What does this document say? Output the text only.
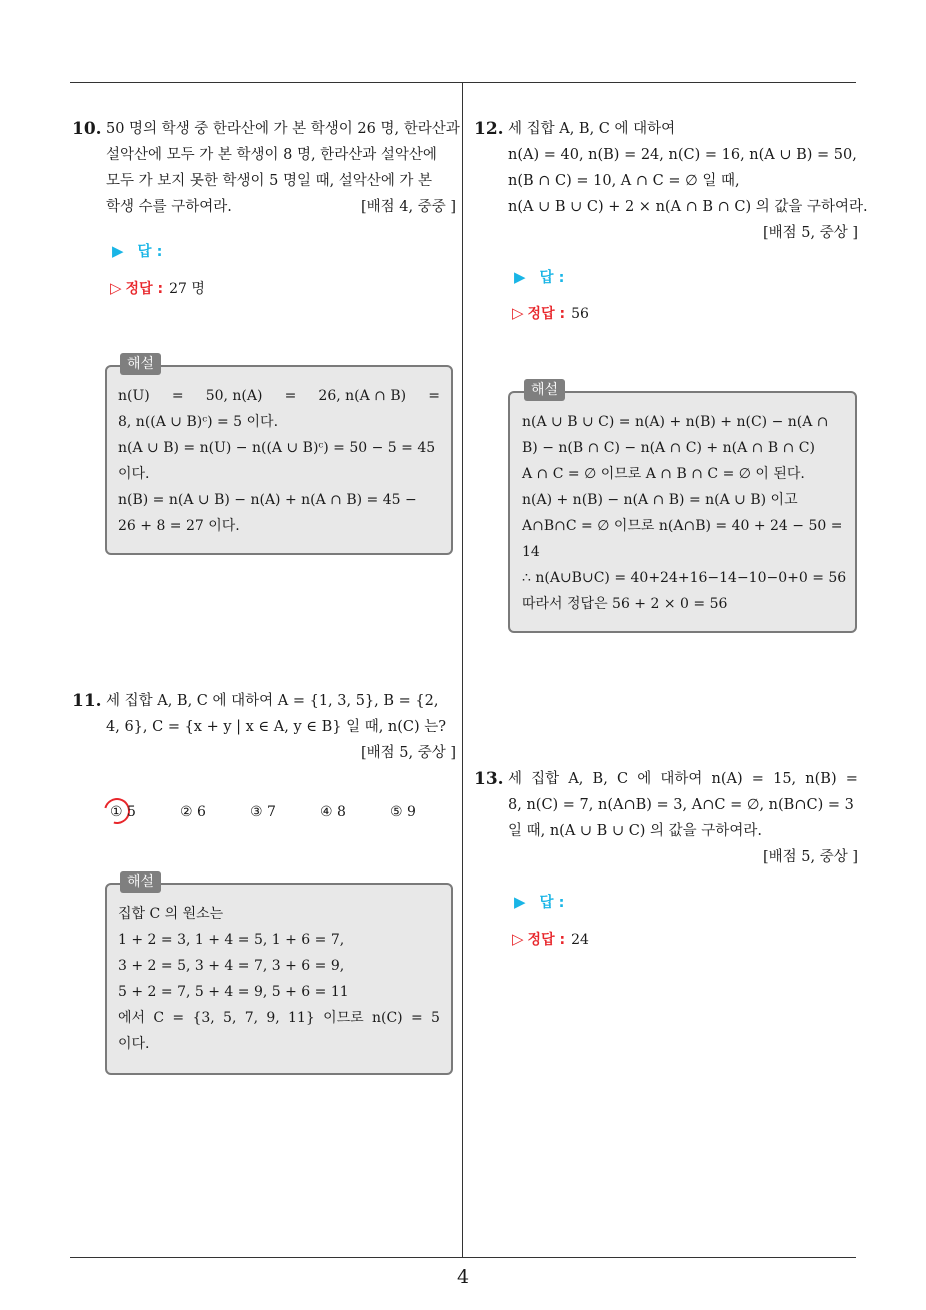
4
10. 50 명의 학생 중 한라산에 가 본 학생이 26 명, 한라산과
설악산에 모두 가 본 학생이 8 명, 한라산과 설악산에
모두 가 보지 못한 학생이 5 명일 때, 설악산에 가 본
학생 수를 구하여라.	[배점 4, 중중 ]
▶ 답 :
▷ 정답 : 27 명
해설
n(U) = 50, n(A) = 26, n(A ∩ B) =
8, n((A ∪ B)ᶜ) = 5 이다.
n(A ∪ B) = n(U) − n((A ∪ B)ᶜ) = 50 − 5 = 45
이다.
n(B) = n(A ∪ B) − n(A) + n(A ∩ B) = 45 −
26 + 8 = 27 이다.
11. 세 집합 A, B, C 에 대하여 A = {1, 3, 5}, B = {2,
4, 6}, C = {x + y | x ∈ A, y ∈ B} 일 때, n(C) 는?
[배점 5, 중상 ]
① 5	② 6	③ 7	④ 8	⑤ 9
해설
집합 C 의 원소는
1 + 2 = 3, 1 + 4 = 5, 1 + 6 = 7,
3 + 2 = 5, 3 + 4 = 7, 3 + 6 = 9,
5 + 2 = 7, 5 + 4 = 9, 5 + 6 = 11
에서 C = {3, 5, 7, 9, 11} 이므로 n(C) = 5
이다.
12. 세 집합 A, B, C 에 대하여
n(A) = 40, n(B) = 24, n(C) = 16, n(A ∪ B) = 50,
n(B ∩ C) = 10, A ∩ C = ∅ 일 때,
n(A ∪ B ∪ C) + 2 × n(A ∩ B ∩ C) 의 값을 구하여라.
[배점 5, 중상 ]
▶ 답 :
▷ 정답 : 56
해설
n(A ∪ B ∪ C) = n(A) + n(B) + n(C) − n(A ∩
B) − n(B ∩ C) − n(A ∩ C) + n(A ∩ B ∩ C)
A ∩ C = ∅ 이므로 A ∩ B ∩ C = ∅ 이 된다.
n(A) + n(B) − n(A ∩ B) = n(A ∪ B) 이고
A∩B∩C = ∅ 이므로 n(A∩B) = 40 + 24 − 50 =
14
∴ n(A∪B∪C) = 40+24+16−14−10−0+0 = 56
따라서 정답은 56 + 2 × 0 = 56
13. 세 집합 A, B, C 에 대하여 n(A) = 15, n(B) =
8, n(C) = 7, n(A∩B) = 3, A∩C = ∅, n(B∩C) = 3
일 때, n(A ∪ B ∪ C) 의 값을 구하여라.
[배점 5, 중상 ]
▶ 답 :
▷ 정답 : 24
